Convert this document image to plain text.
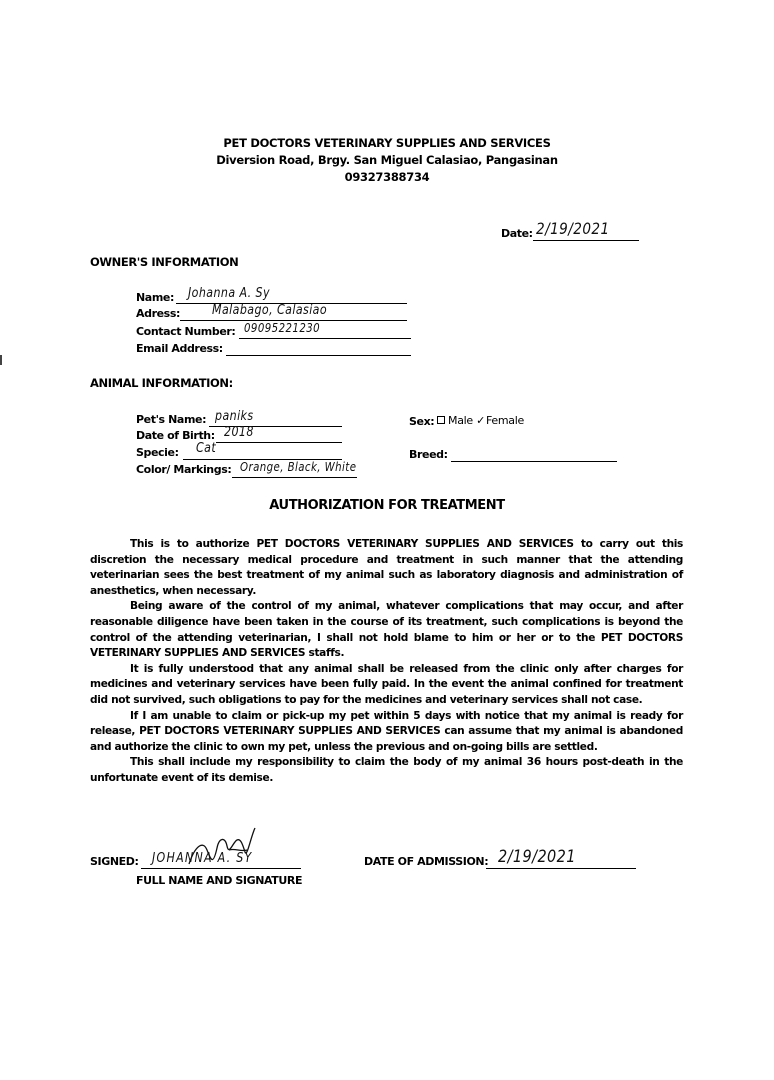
PET DOCTORS VETERINARY SUPPLIES AND SERVICES
Diversion Road, Brgy. San Miguel Calasiao, Pangasinan
09327388734
Date: 2/19/2021
OWNER'S INFORMATION
Name: Johanna A. Sy
Adress: Malabago, Calasiao
Contact Number: 09095221230
Email Address:
ANIMAL INFORMATION:
Pet's Name: paniks
Date of Birth: 2018
Specie: Cat
Color/ Markings: Orange, Black, White
Sex:	Male ✓Female
Breed:
AUTHORIZATION FOR TREATMENT

This is to authorize PET DOCTORS VETERINARY SUPPLIES AND SERVICES to carry out this discretion the necessary medical procedure and treatment in such manner that the attending veterinarian sees the best treatment of my animal such as laboratory diagnosis and administration of anesthetics, when necessary.

Being aware of the control of my animal, whatever complications that may occur, and after reasonable diligence have been taken in the course of its treatment, such complications is beyond the control of the attending veterinarian, I shall not hold blame to him or her or to the PET DOCTORS VETERINARY SUPPLIES AND SERVICES staffs.

It is fully understood that any animal shall be released from the clinic only after charges for medicines and veterinary services have been fully paid. In the event the animal confined for treatment did not survived, such obligations to pay for the medicines and veterinary services shall not case.

If I am unable to claim or pick-up my pet within 5 days with notice that my animal is ready for release, PET DOCTORS VETERINARY SUPPLIES AND SERVICES can assume that my animal is abandoned and authorize the clinic to own my pet, unless the previous and on-going bills are settled.

This shall include my responsibility to claim the body of my animal 36 hours post-death in the unfortunate event of its demise.

SIGNED: JOHANNA A. SY
FULL NAME AND SIGNATURE
DATE OF ADMISSION: 2/19/2021
